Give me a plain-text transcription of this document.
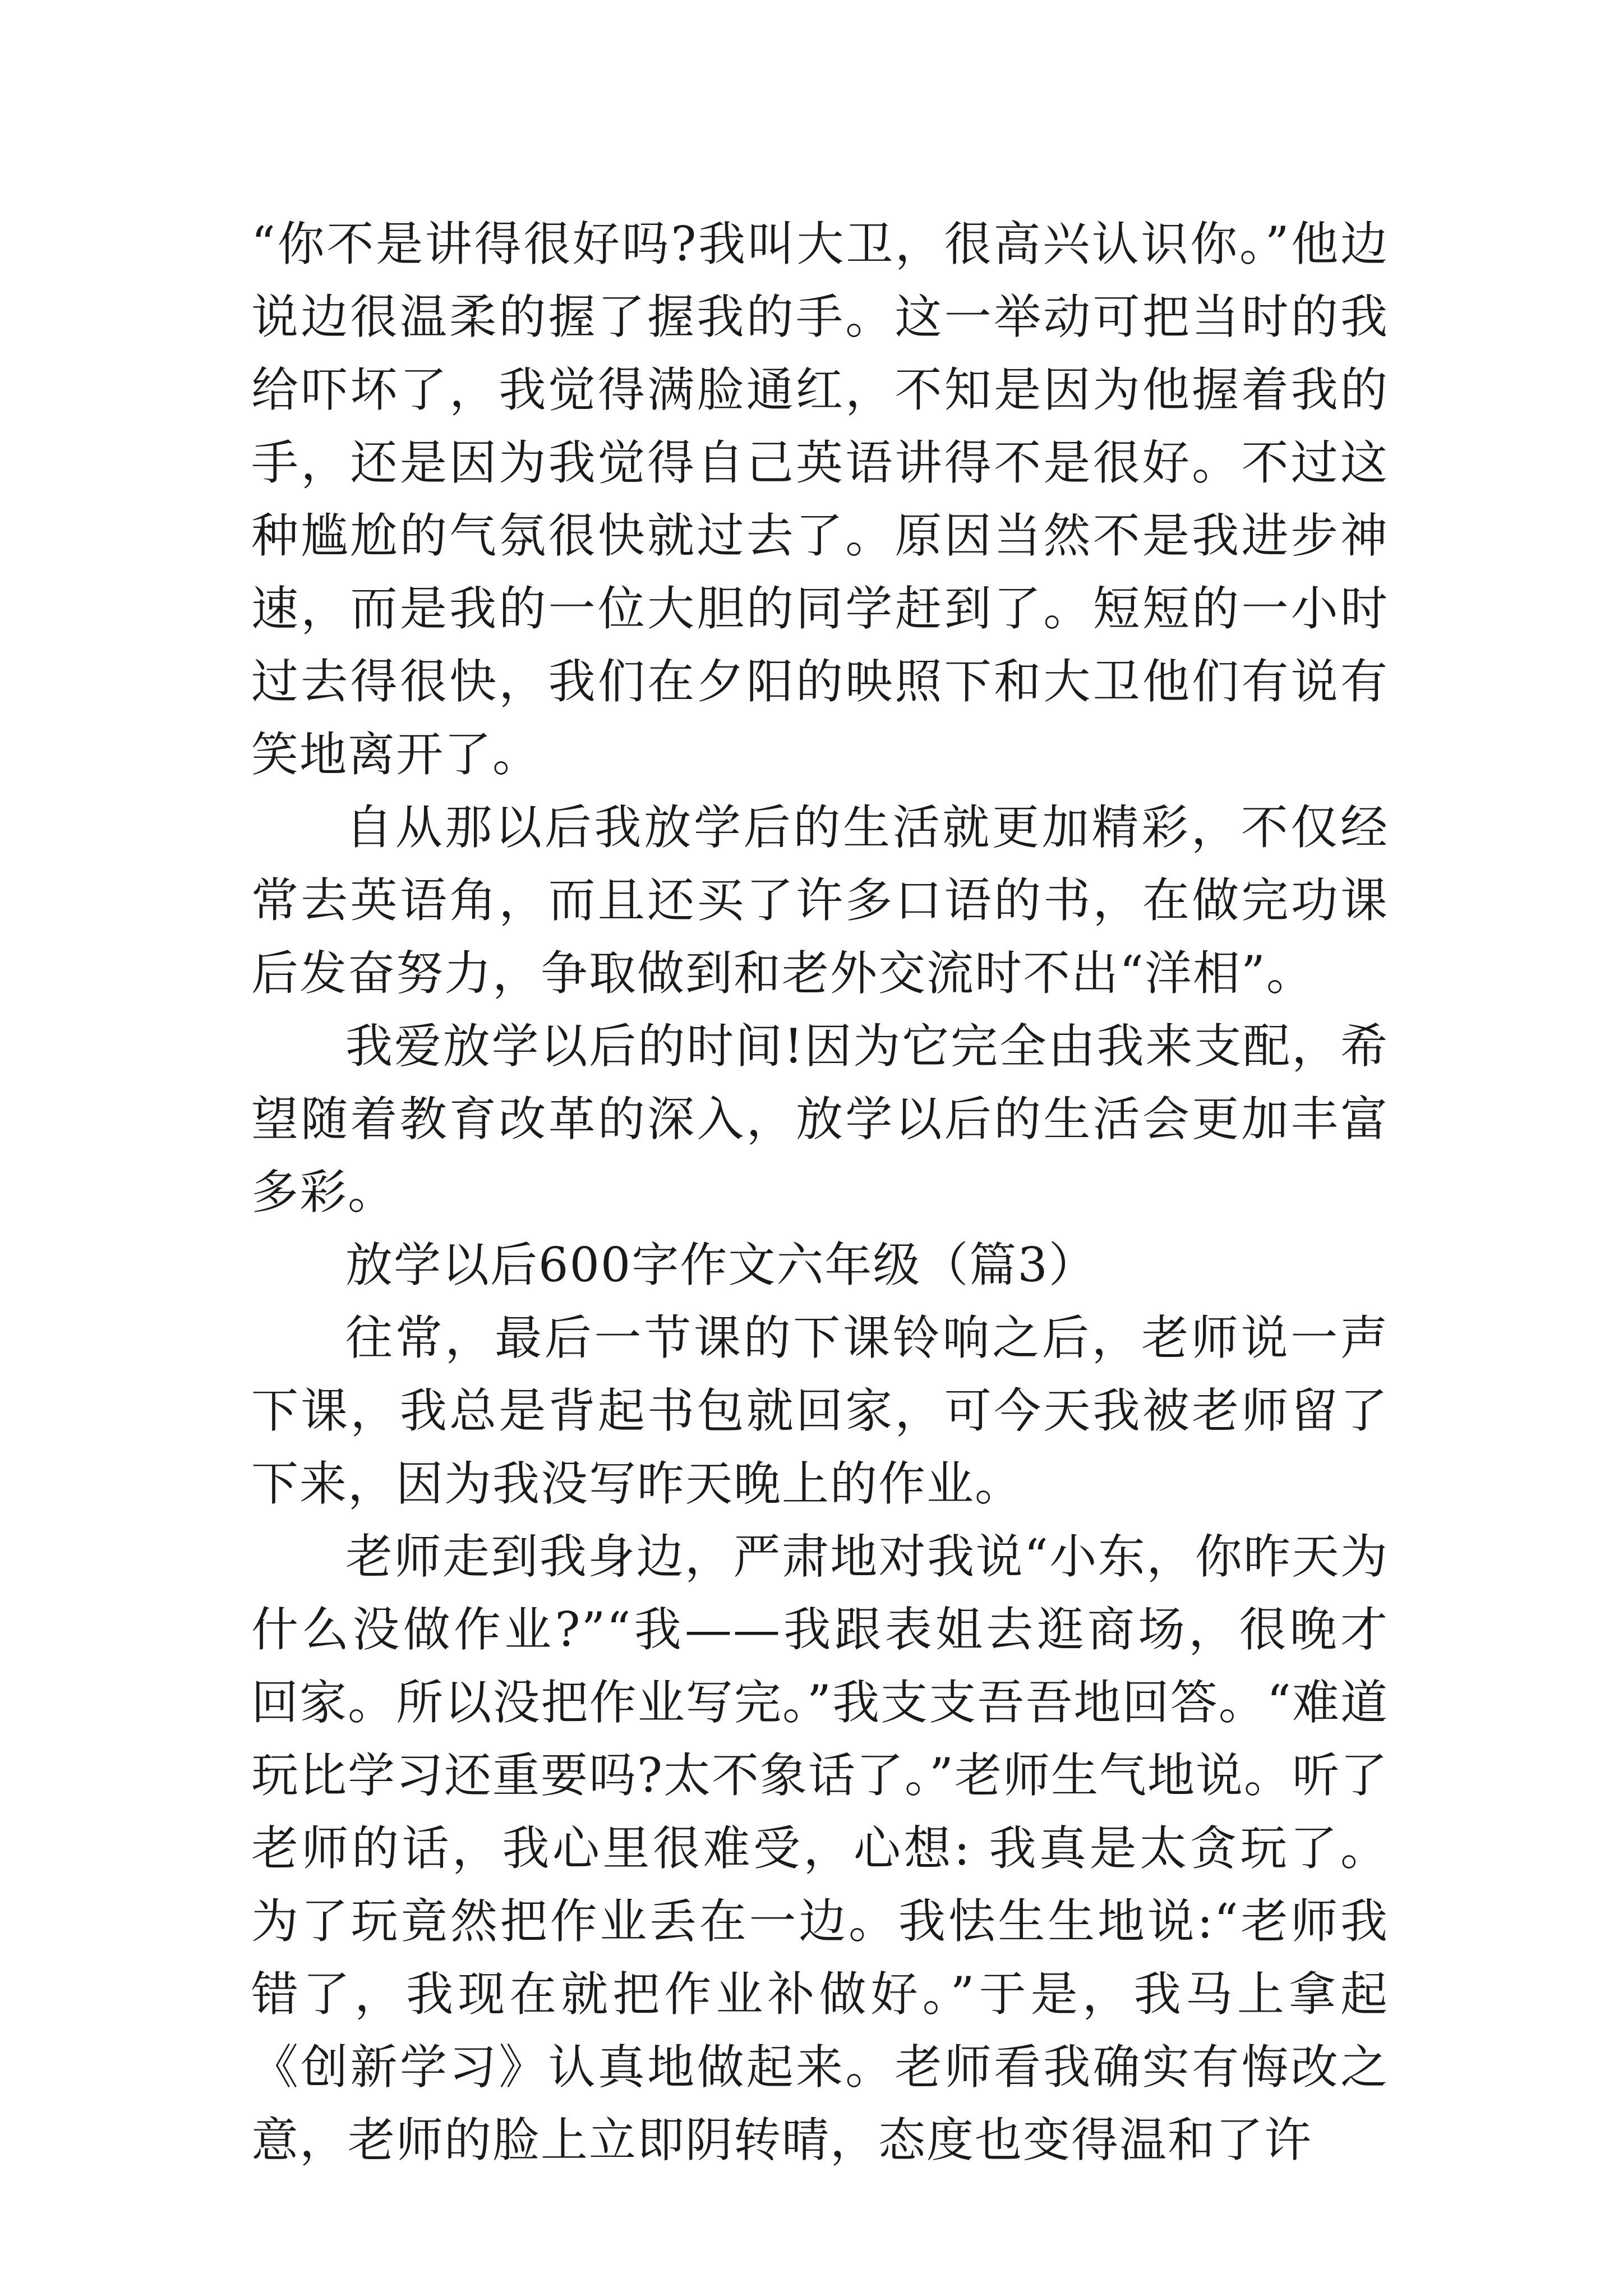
“你不是讲得很好吗?我叫大卫，很高兴认识你。”他边说边很温柔的握了握我的手。这一举动可把当时的我给吓坏了，我觉得满脸通红，不知是因为他握着我的手，还是因为我觉得自己英语讲得不是很好。不过这种尴尬的气氛很快就过去了。原因当然不是我进步神速，而是我的一位大胆的同学赶到了。短短的一小时过去得很快，我们在夕阳的映照下和大卫他们有说有笑地离开了。

自从那以后我放学后的生活就更加精彩，不仅经常去英语角，而且还买了许多口语的书，在做完功课后发奋努力，争取做到和老外交流时不出“洋相”。

我爱放学以后的时间!因为它完全由我来支配，希望随着教育改革的深入，放学以后的生活会更加丰富多彩。

放学以后600字作文六年级（篇3）

往常，最后一节课的下课铃响之后，老师说一声下课，我总是背起书包就回家，可今天我被老师留了下来，因为我没写昨天晚上的作业。

老师走到我身边，严肃地对我说“小东，你昨天为什么没做作业?”“我——我跟表姐去逛商场，很晚才回家。所以没把作业写完。”我支支吾吾地回答。“难道玩比学习还重要吗?太不象话了。”老师生气地说。听了老师的话，我心里很难受，心想: 我真是太贪玩了。为了玩竟然把作业丢在一边。我怯生生地说:“老师我错了，我现在就把作业补做好。”于是，我马上拿起《创新学习》认真地做起来。老师看我确实有悔改之意，老师的脸上立即阴转晴，态度也变得温和了许
